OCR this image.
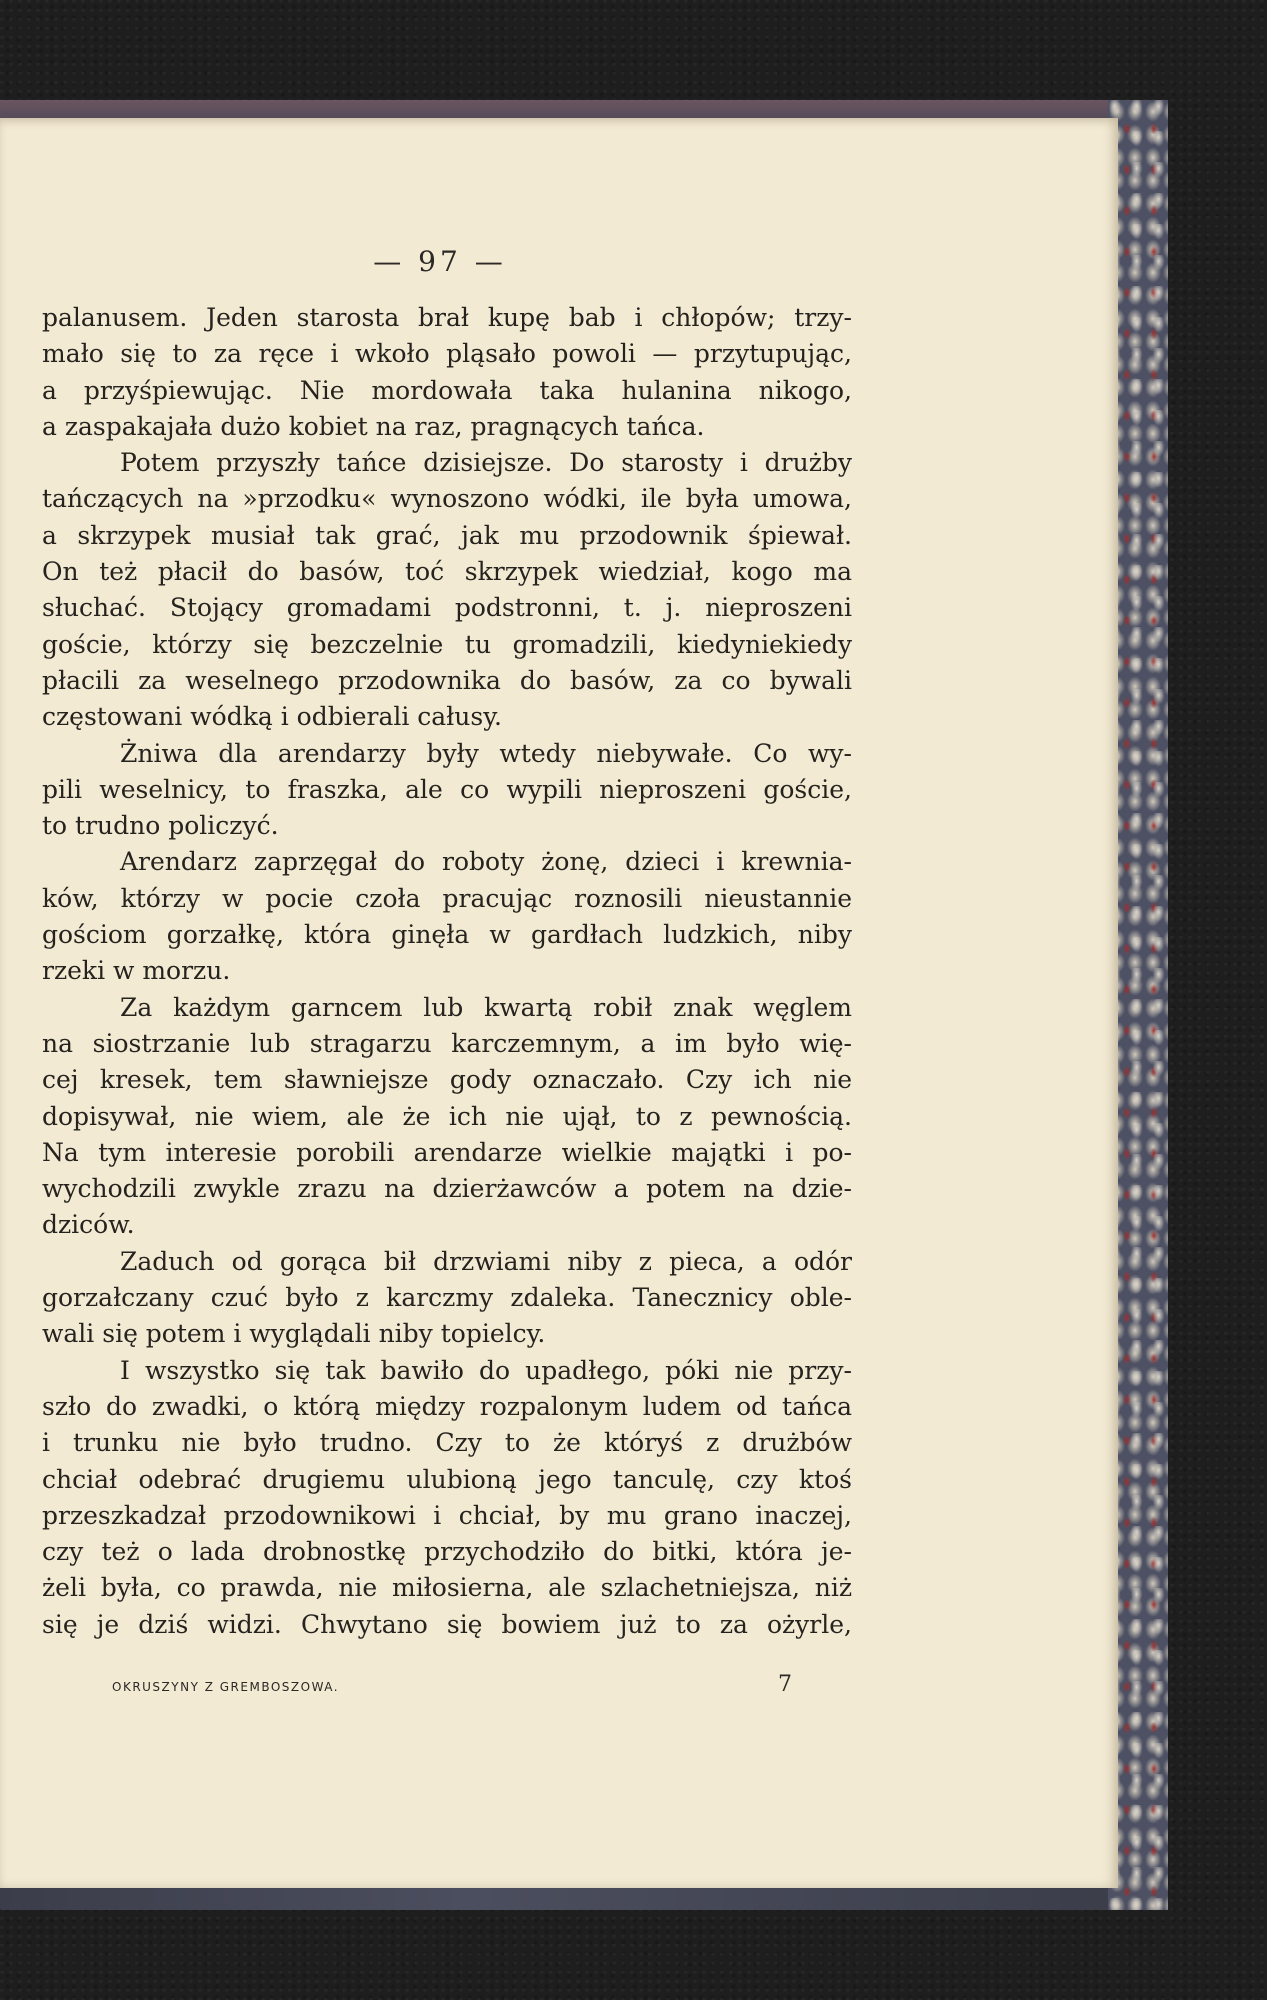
— 97 —
palanusem. Jeden starosta brał kupę bab i chłopów; trzy-
mało się to za ręce i wkoło pląsało powoli — przytupując,
a przyśpiewując. Nie mordowała taka hulanina nikogo,
a zaspakajała dużo kobiet na raz, pragnących tańca.
Potem przyszły tańce dzisiejsze. Do starosty i drużby
tańczących na »przodku« wynoszono wódki, ile była umowa,
a skrzypek musiał tak grać, jak mu przodownik śpiewał.
On też płacił do basów, toć skrzypek wiedział, kogo ma
słuchać. Stojący gromadami podstronni, t. j. nieproszeni
goście, którzy się bezczelnie tu gromadzili, kiedyniekiedy
płacili za weselnego przodownika do basów, za co bywali
częstowani wódką i odbierali całusy.
Żniwa dla arendarzy były wtedy niebywałe. Co wy-
pili weselnicy, to fraszka, ale co wypili nieproszeni goście,
to trudno policzyć.
Arendarz zaprzęgał do roboty żonę, dzieci i krewnia-
ków, którzy w pocie czoła pracując roznosili nieustannie
gościom gorzałkę, która ginęła w gardłach ludzkich, niby
rzeki w morzu.
Za każdym garncem lub kwartą robił znak węglem
na siostrzanie lub stragarzu karczemnym, a im było wię-
cej kresek, tem sławniejsze gody oznaczało. Czy ich nie
dopisywał, nie wiem, ale że ich nie ujął, to z pewnością.
Na tym interesie porobili arendarze wielkie majątki i po-
wychodzili zwykle zrazu na dzierżawców a potem na dzie-
dziców.
Zaduch od gorąca bił drzwiami niby z pieca, a odór
gorzałczany czuć było z karczmy zdaleka. Tanecznicy oble-
wali się potem i wyglądali niby topielcy.
I wszystko się tak bawiło do upadłego, póki nie przy-
szło do zwadki, o którą między rozpalonym ludem od tańca
i trunku nie było trudno. Czy to że któryś z drużbów
chciał odebrać drugiemu ulubioną jego tanculę, czy ktoś
przeszkadzał przodownikowi i chciał, by mu grano inaczej,
czy też o lada drobnostkę przychodziło do bitki, która je-
żeli była, co prawda, nie miłosierna, ale szlachetniejsza, niż
się je dziś widzi. Chwytano się bowiem już to za ożyrle,
OKRUSZYNY Z GREMBOSZOWA.	7
